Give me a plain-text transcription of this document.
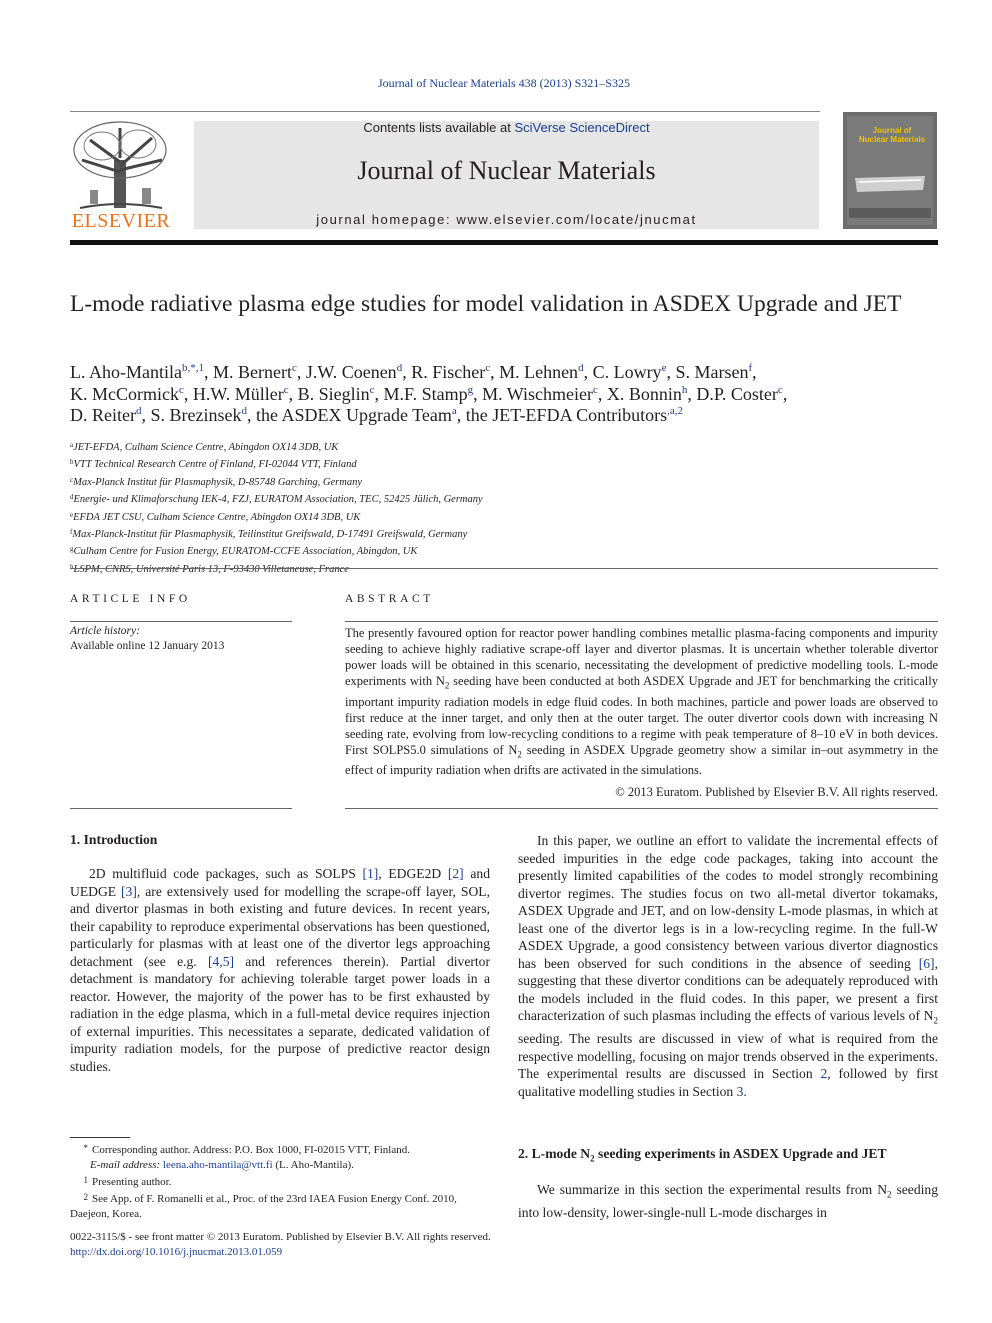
Journal of Nuclear Materials 438 (2013) S321–S325
ELSEVIER
Contents lists available at SciVerse ScienceDirect
Journal of Nuclear Materials
journal homepage: www.elsevier.com/locate/jnucmat
Journal of Nuclear Materials
L-mode radiative plasma edge studies for model validation in ASDEX Upgrade and JET
L. Aho-Mantila$^{b,*,1}$, M. Bernert$^c$, J.W. Coenen$^d$, R. Fischer$^c$, M. Lehnen$^d$, C. Lowry$^e$, S. Marsen$^f$,
K. McCormick$^c$, H.W. Müller$^c$, B. Sieglin$^c$, M.F. Stamp$^g$, M. Wischmeier$^c$, X. Bonnin$^h$, D.P. Coster$^c$,
D. Reiter$^d$, S. Brezinsek$^d$, the ASDEX Upgrade Team$^a$, the JET-EFDA Contributors$^{,a,2}$
$^a$JET-EFDA, Culham Science Centre, Abingdon OX14 3DB, UK
$^b$VTT Technical Research Centre of Finland, FI-02044 VTT, Finland
$^c$Max-Planck Institut für Plasmaphysik, D-85748 Garching, Germany
$^d$Energie- und Klimaforschung IEK-4, FZJ, EURATOM Association, TEC, 52425 Jülich, Germany
$^e$EFDA JET CSU, Culham Science Centre, Abingdon OX14 3DB, UK
$^f$Max-Planck-Institut für Plasmaphysik, Teilinstitut Greifswald, D-17491 Greifswald, Germany
$^g$Culham Centre for Fusion Energy, EURATOM-CCFE Association, Abingdon, UK
$^h$LSPM, CNRS, Université Paris 13, F-93430 Villetaneuse, France
ARTICLE INFO
Article history:
Available online 12 January 2013
ABSTRACT
The presently favoured option for reactor power handling combines metallic plasma-facing components and impurity seeding to achieve highly radiative scrape-off layer and divertor plasmas. It is uncertain whether tolerable divertor power loads will be obtained in this scenario, necessitating the development of predictive modelling tools. L-mode experiments with $N_2$ seeding have been conducted at both ASDEX Upgrade and JET for benchmarking the critically important impurity radiation models in edge fluid codes. In both machines, particle and power loads are observed to first reduce at the inner target, and only then at the outer target. The outer divertor cools down with increasing N seeding rate, evolving from low-recycling conditions to a regime with peak temperature of 8–10 eV in both devices. First SOLPS5.0 simulations of $N_2$ seeding in ASDEX Upgrade geometry show a similar in–out asymmetry in the effect of impurity radiation when drifts are activated in the simulations.
© 2013 Euratom. Published by Elsevier B.V. All rights reserved.
1. Introduction
2D multifluid code packages, such as SOLPS [1], EDGE2D [2] and UEDGE [3], are extensively used for modelling the scrape-off layer, SOL, and divertor plasmas in both existing and future devices. In recent years, their capability to reproduce experimental observations has been questioned, particularly for plasmas with at least one of the divertor legs approaching detachment (see e.g. [4,5] and references therein). Partial divertor detachment is mandatory for achieving tolerable target power loads in a reactor. However, the majority of the power has to be first exhausted by radiation in the edge plasma, which in a full-metal device requires injection of external impurities. This necessitates a separate, dedicated validation of impurity radiation models, for the purpose of predictive reactor design studies.
In this paper, we outline an effort to validate the incremental effects of seeded impurities in the edge code packages, taking into account the presently limited capabilities of the codes to model strongly recombining divertor regimes. The studies focus on two all-metal divertor tokamaks, ASDEX Upgrade and JET, and on low-density L-mode plasmas, in which at least one of the divertor legs is in a low-recycling regime. In the full-W ASDEX Upgrade, a good consistency between various divertor diagnostics has been observed for such conditions in the absence of seeding [6], suggesting that these divertor conditions can be adequately reproduced with the models included in the fluid codes. In this paper, we present a first characterization of such plasmas including the effects of various levels of $N_2$ seeding. The results are discussed in view of what is required from the respective modelling, focusing on major trends observed in the experiments. The experimental results are discussed in Section 2, followed by first qualitative modelling studies in Section 3.
2. L-mode $N_2$ seeding experiments in ASDEX Upgrade and JET
We summarize in this section the experimental results from $N_2$ seeding into low-density, lower-single-null L-mode discharges in

* Corresponding author. Address: P.O. Box 1000, FI-02015 VTT, Finland.

E-mail address: leena.aho-mantila@vtt.fi (L. Aho-Mantila).

1 Presenting author.

2 See App. of F. Romanelli et al., Proc. of the 23rd IAEA Fusion Energy Conf. 2010, Daejeon, Korea.

0022-3115/$ - see front matter © 2013 Euratom. Published by Elsevier B.V. All rights reserved.
http://dx.doi.org/10.1016/j.jnucmat.2013.01.059
